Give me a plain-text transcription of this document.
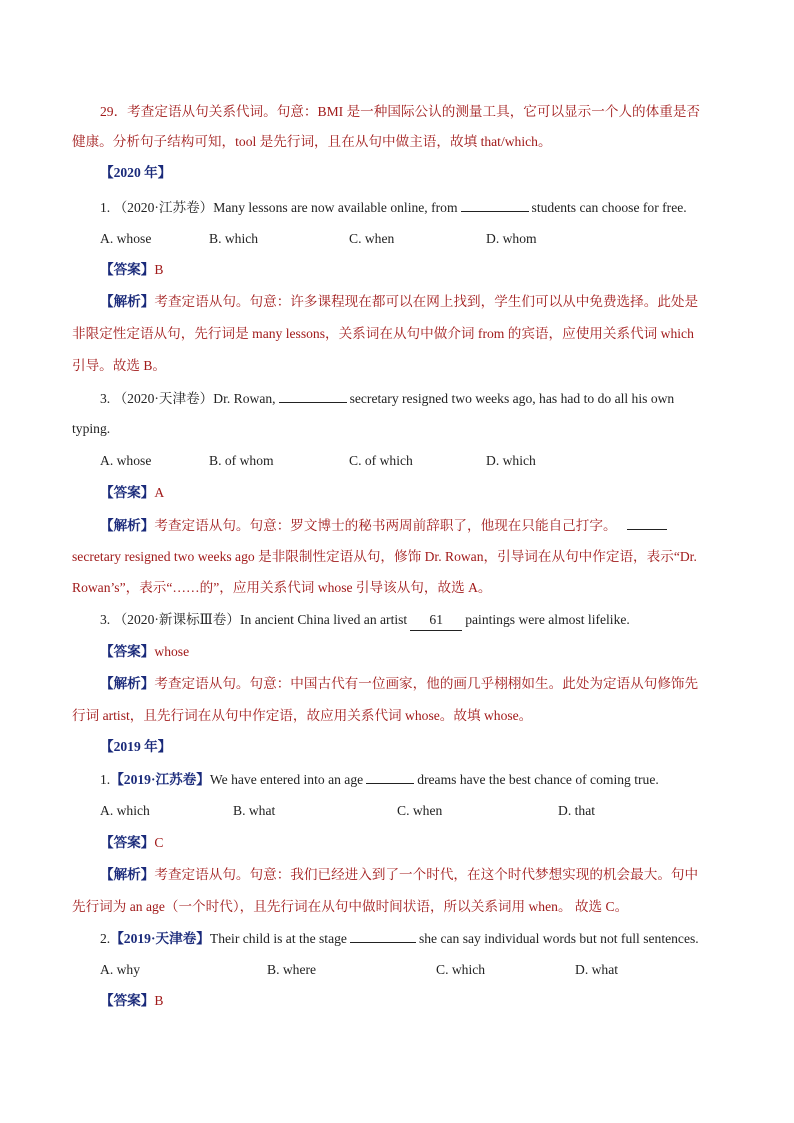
29．考查定语从句关系代词。句意：BMI 是一种国际公认的测量工具，它可以显示一个人的体重是否
健康。分析句子结构可知，tool 是先行词，且在从句中做主语，故填 that/which。
【2020 年】
1. （2020·江苏卷）Many lessons are now available online, from	students can choose for free.
A. whose	B. which	C. when	D. whom
【答案】B
【解析】考查定语从句。句意：许多课程现在都可以在网上找到，学生们可以从中免费选择。此处是
非限定性定语从句，先行词是 many lessons，关系词在从句中做介词 from 的宾语，应使用关系代词 which
引导。故选 B。
3. （2020·天津卷）Dr. Rowan,	secretary resigned two weeks ago, has had to do all his own
typing.
A. whose	B. of whom	C. of which	D. which
【答案】A
【解析】考查定语从句。句意：罗文博士的秘书两周前辞职了，他现在只能自己打字。
secretary resigned two weeks ago 是非限制性定语从句，修饰 Dr. Rowan，引导词在从句中作定语，表示“Dr.
Rowan’s”，表示“……的”，应用关系代词 whose 引导该从句，故选 A。
3. （2020·新课标Ⅲ卷）In ancient China lived an artist 61 paintings were almost lifelike.
【答案】whose
【解析】考查定语从句。句意：中国古代有一位画家，他的画几乎栩栩如生。此处为定语从句修饰先
行词 artist，且先行词在从句中作定语，故应用关系代词 whose。故填 whose。
【2019 年】
1.【2019·江苏卷】We have entered into an age	dreams have the best chance of coming true.
A. which	B. what	C. when	D. that
【答案】C
【解析】考查定语从句。句意：我们已经进入到了一个时代，在这个时代梦想实现的机会最大。句中
先行词为 an age（一个时代），且先行词在从句中做时间状语，所以关系词用 when。 故选 C。
2.【2019·天津卷】Their child is at the stage	she can say individual words but not full sentences.
A. why	B. where	C. which	D. what
【答案】B
